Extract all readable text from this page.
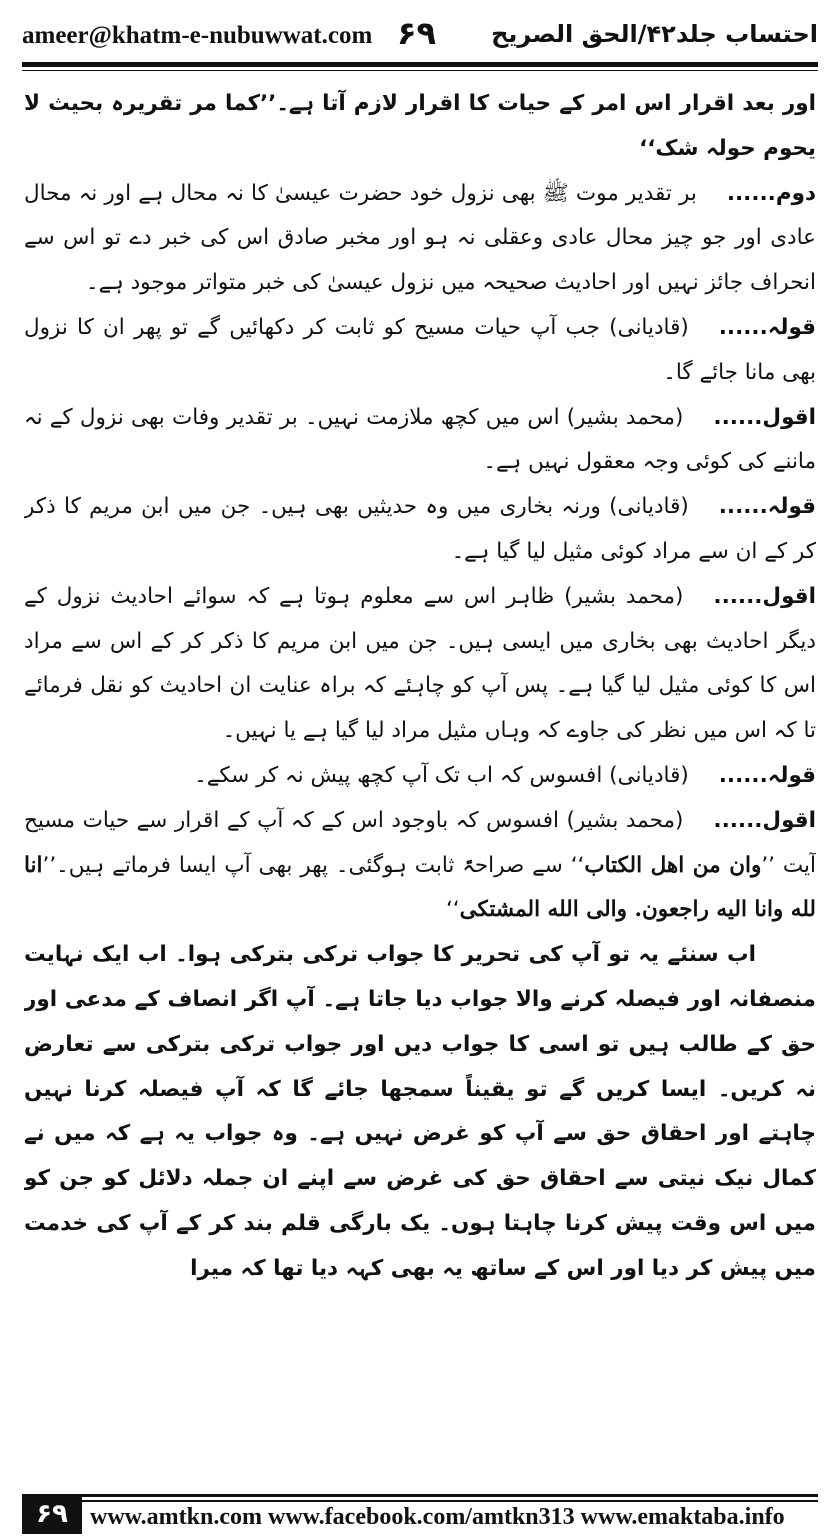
ameer@khatm-e-nubuwwat.com ۶۹ احتساب جلد۴۲/الحق الصریح

اور بعد اقرار اس امر کے حیات کا اقرار لازم آتا ہے۔’’کما مر تقریرہ بحیث لا یحوم حولہ شک‘‘

دوم......بر تقدیر موت ﷺ بھی نزول خود حضرت عیسیٰ کا نہ محال ہے اور نہ محال عادی اور جو چیز محال عادی وعقلی نہ ہو اور مخبر صادق اس کی خبر دے تو اس سے انحراف جائز نہیں اور احادیث صحیحہ میں نزول عیسیٰ کی خبر متواتر موجود ہے۔

قولہ......(قادیانی) جب آپ حیات مسیح کو ثابت کر دکھائیں گے تو پھر ان کا نزول بھی مانا جائے گا۔

اقول......(محمد بشیر) اس میں کچھ ملازمت نہیں۔ بر تقدیر وفات بھی نزول کے نہ ماننے کی کوئی وجہ معقول نہیں ہے۔

قولہ......(قادیانی) ورنہ بخاری میں وہ حدیثیں بھی ہیں۔ جن میں ابن مریم کا ذکر کر کے ان سے مراد کوئی مثیل لیا گیا ہے۔

اقول......(محمد بشیر) ظاہر اس سے معلوم ہوتا ہے کہ سوائے احادیث نزول کے دیگر احادیث بھی بخاری میں ایسی ہیں۔ جن میں ابن مریم کا ذکر کر کے اس سے مراد اس کا کوئی مثیل لیا گیا ہے۔ پس آپ کو چاہئے کہ براہ عنایت ان احادیث کو نقل فرمائے تا کہ اس میں نظر کی جاوے کہ وہاں مثیل مراد لیا گیا ہے یا نہیں۔

قولہ......(قادیانی) افسوس کہ اب تک آپ کچھ پیش نہ کر سکے۔

اقول......(محمد بشیر) افسوس کہ باوجود اس کے کہ آپ کے اقرار سے حیات مسیح آیت ’’وان من اهل الكتاب‘‘ سے صراحۃً ثابت ہوگئی۔ پھر بھی آپ ایسا فرماتے ہیں۔’’انا لله وانا اليه راجعون. والى الله المشتكى‘‘

اب سنئے یہ تو آپ کی تحریر کا جواب ترکی بترکی ہوا۔ اب ایک نہایت منصفانہ اور فیصلہ کرنے والا جواب دیا جاتا ہے۔ آپ اگر انصاف کے مدعی اور حق کے طالب ہیں تو اسی کا جواب دیں اور جواب ترکی بترکی سے تعارض نہ کریں۔ ایسا کریں گے تو یقیناً سمجھا جائے گا کہ آپ فیصلہ کرنا نہیں چاہتے اور احقاق حق سے آپ کو غرض نہیں ہے۔ وہ جواب یہ ہے کہ میں نے کمال نیک نیتی سے احقاق حق کی غرض سے اپنے ان جملہ دلائل کو جن کو میں اس وقت پیش کرنا چاہتا ہوں۔ یک بارگی قلم بند کر کے آپ کی خدمت میں پیش کر دیا اور اس کے ساتھ یہ بھی کہہ دیا تھا کہ میرا

۶۹ www.amtkn.com www.facebook.com/amtkn313 www.emaktaba.info
